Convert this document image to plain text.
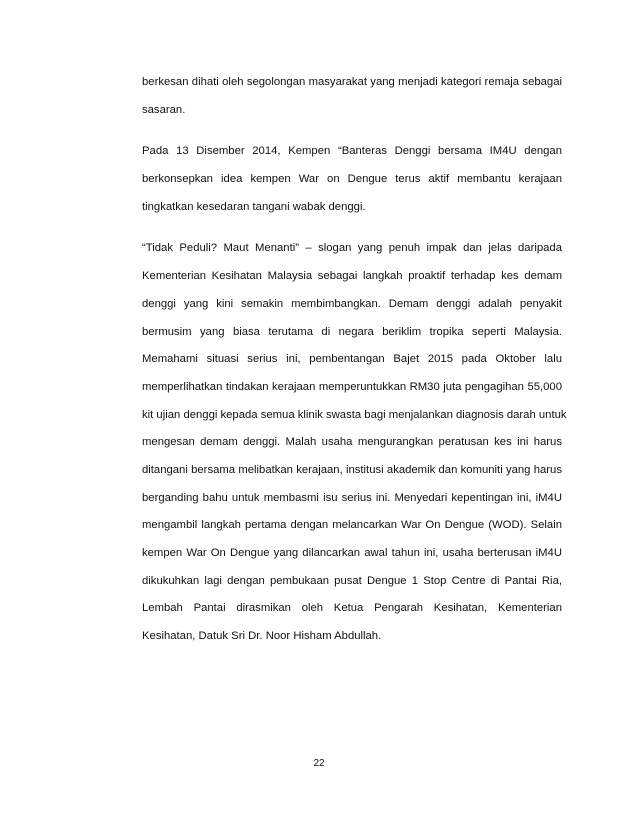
berkesan dihati oleh segolongan masyarakat yang menjadi kategori remaja sebagai
sasaran.
Pada 13 Disember 2014, Kempen “Banteras Denggi bersama IM4U dengan
berkonsepkan idea kempen War on Dengue terus aktif membantu kerajaan
tingkatkan kesedaran tangani wabak denggi.
“Tidak Peduli? Maut Menanti” – slogan yang penuh impak dan jelas daripada
Kementerian Kesihatan Malaysia sebagai langkah proaktif terhadap kes demam
denggi yang kini semakin membimbangkan. Demam denggi adalah penyakit
bermusim yang biasa terutama di negara beriklim tropika seperti Malaysia.
Memahami situasi serius ini, pembentangan Bajet 2015 pada Oktober lalu
memperlihatkan tindakan kerajaan memperuntukkan RM30 juta pengagihan 55,000
kit ujian denggi kepada semua klinik swasta bagi menjalankan diagnosis darah untuk
mengesan demam denggi. Malah usaha mengurangkan peratusan kes ini harus
ditangani bersama melibatkan kerajaan, institusi akademik dan komuniti yang harus
berganding bahu untuk membasmi isu serius ini. Menyedari kepentingan ini, iM4U
mengambil langkah pertama dengan melancarkan War On Dengue (WOD). Selain
kempen War On Dengue yang dilancarkan awal tahun ini, usaha berterusan iM4U
dikukuhkan lagi dengan pembukaan pusat Dengue 1 Stop Centre di Pantai Ria,
Lembah Pantai dirasmikan oleh Ketua Pengarah Kesihatan, Kementerian
Kesihatan, Datuk Sri Dr. Noor Hisham Abdullah.
22
